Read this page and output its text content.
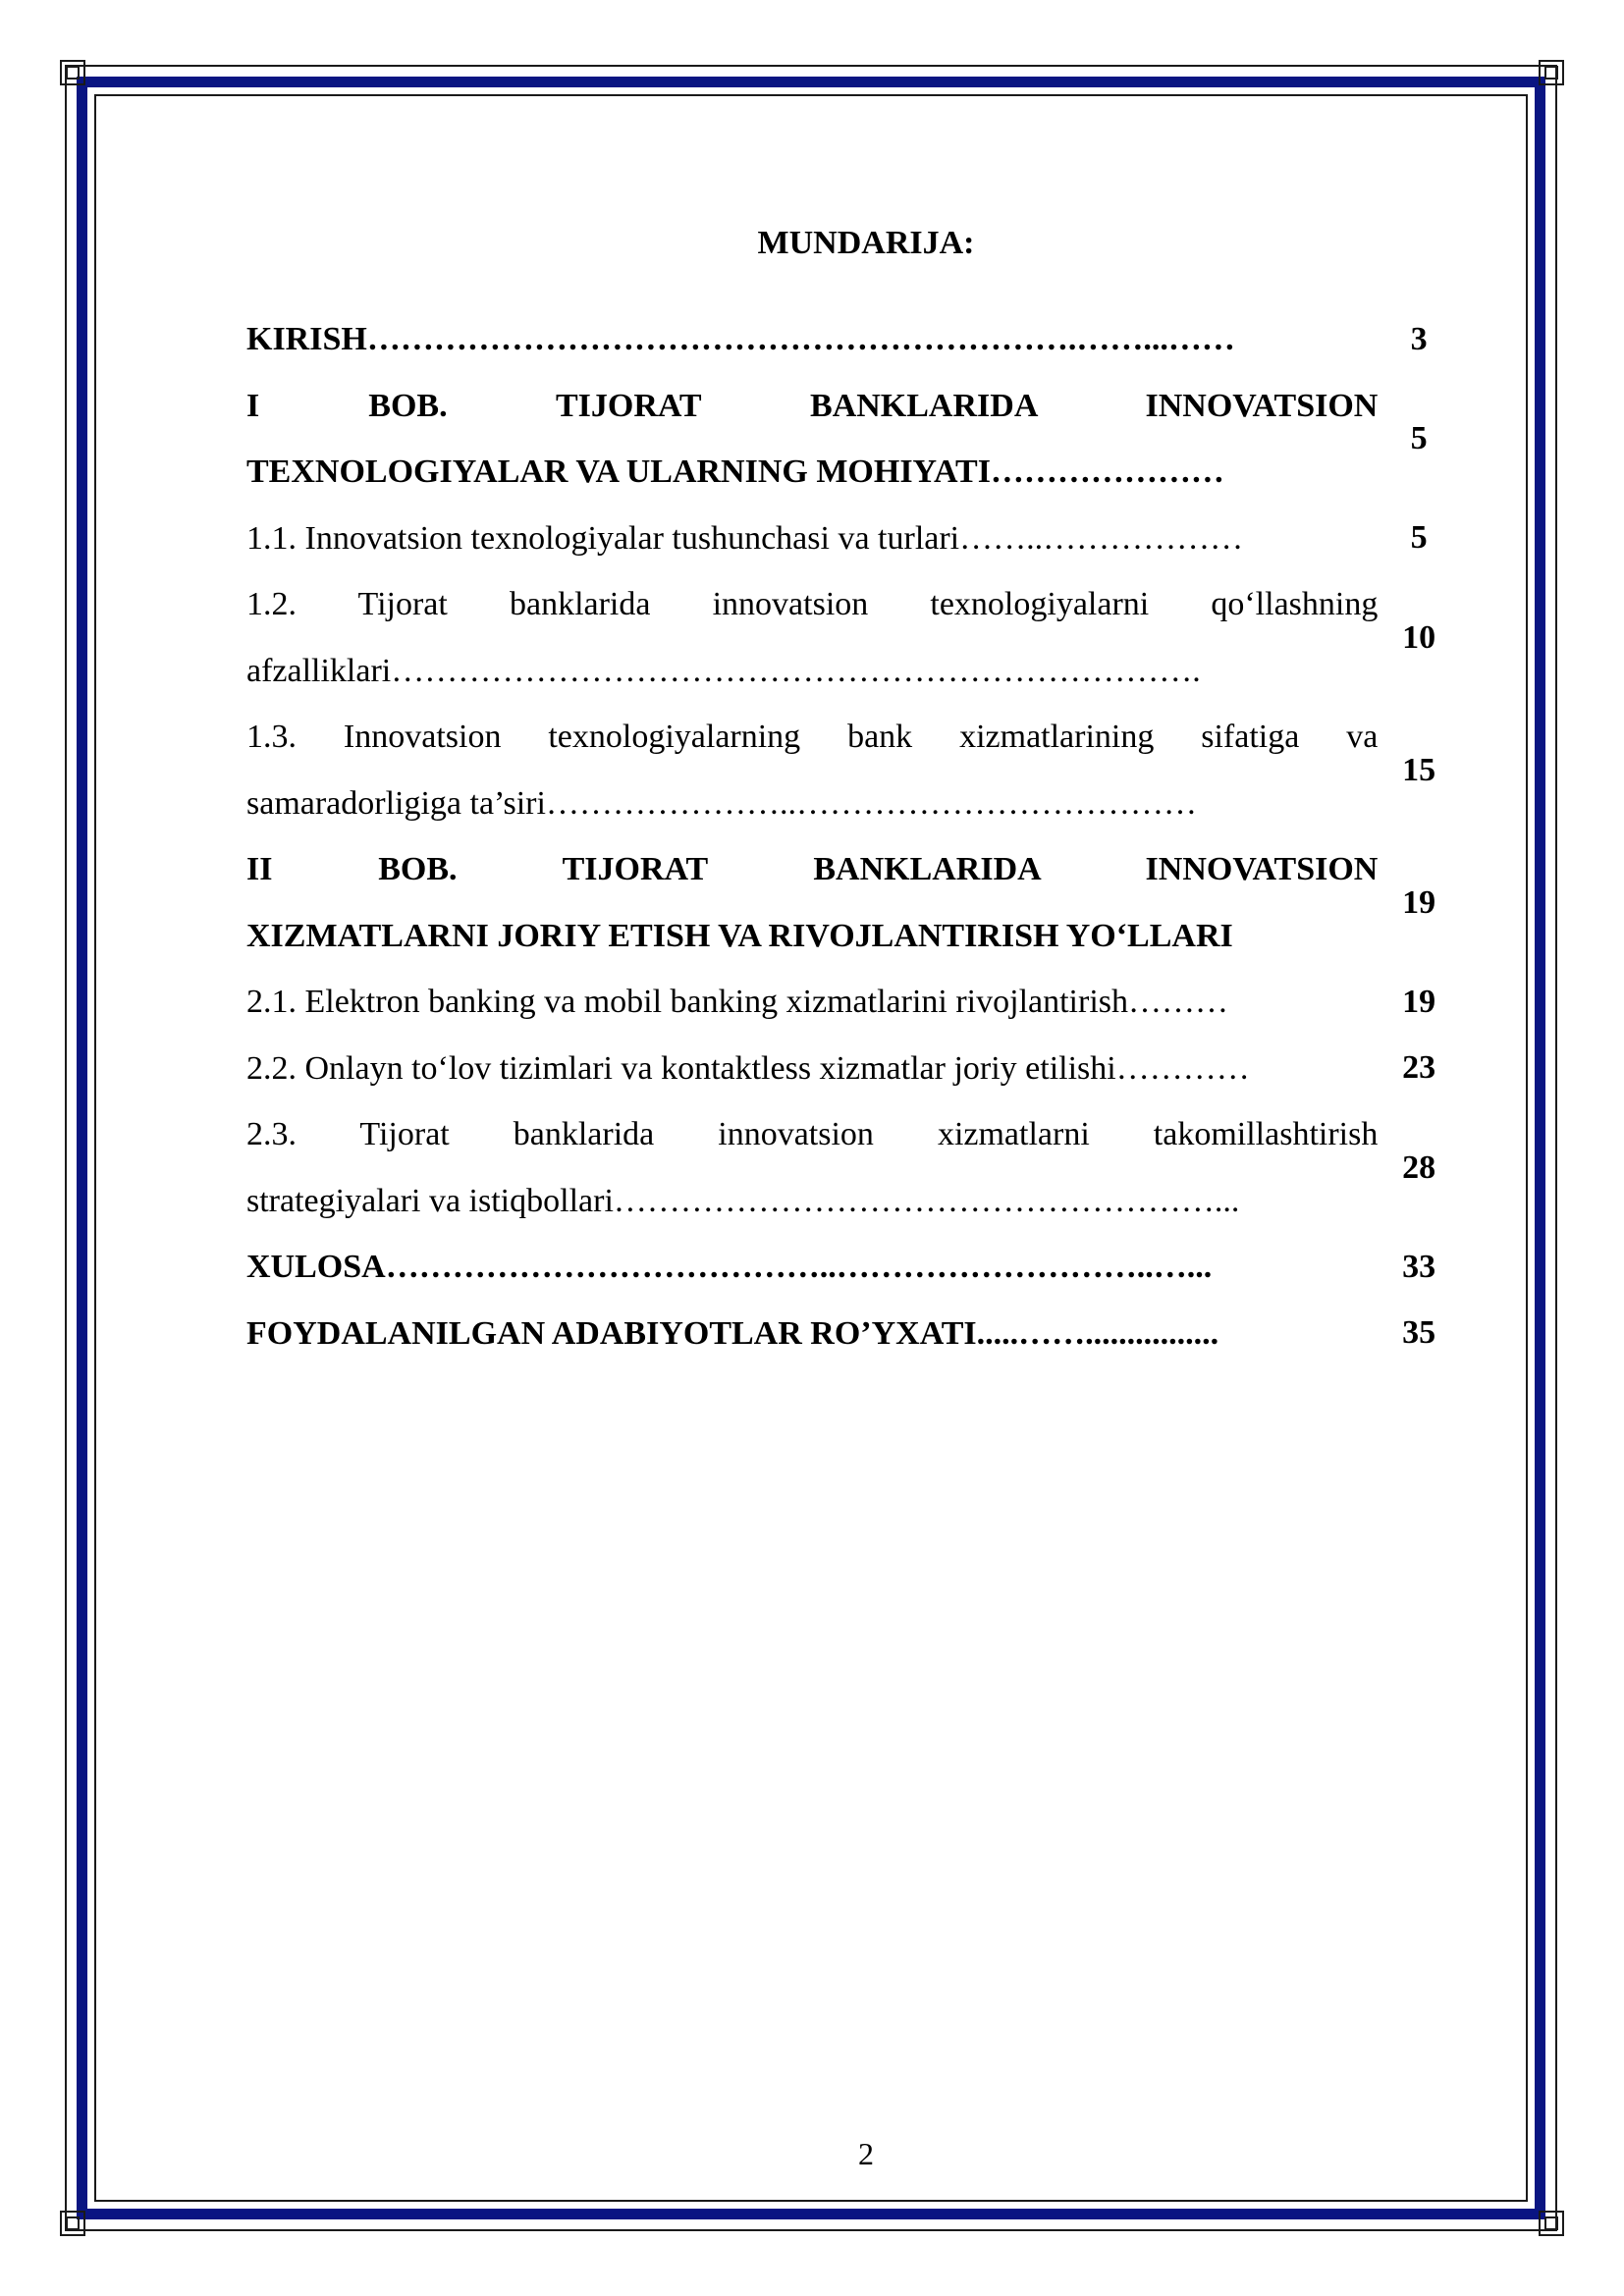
MUNDARIJA:
KIRISH……………………………………………………….……...……	3
I BOB. TIJORAT BANKLARIDA INNOVATSION
TEXNOLOGIYALAR VA ULARNING MOHIYATI…………………
5
1.1. Innovatsion texnologiyalar tushunchasi va turlari……..………………	5
1.2. Tijorat banklarida innovatsion texnologiyalarni qo‘llashning
afzalliklari……………………………………………………………….
10
1.3. Innovatsion texnologiyalarning bank xizmatlarining sifatiga va
samaradorligiga ta’siri…………………..………………………………
15
II BOB. TIJORAT BANKLARIDA INNOVATSION
XIZMATLARNI JORIY ETISH VA RIVOJLANTIRISH YO‘LLARI
19
2.1. Elektron banking va mobil banking xizmatlarini rivojlantirish………	19
2.2. Onlayn to‘lov tizimlari va kontaktless xizmatlar joriy etilishi…………	23
2.3. Tijorat banklarida innovatsion xizmatlarni takomillashtirish
strategiyalari va istiqbollari………………………………………………...
28
XULOSA…………………………………..………………………..…...	33
FOYDALANILGAN ADABIYOTLAR RO’YXATI.....……................	35
2
